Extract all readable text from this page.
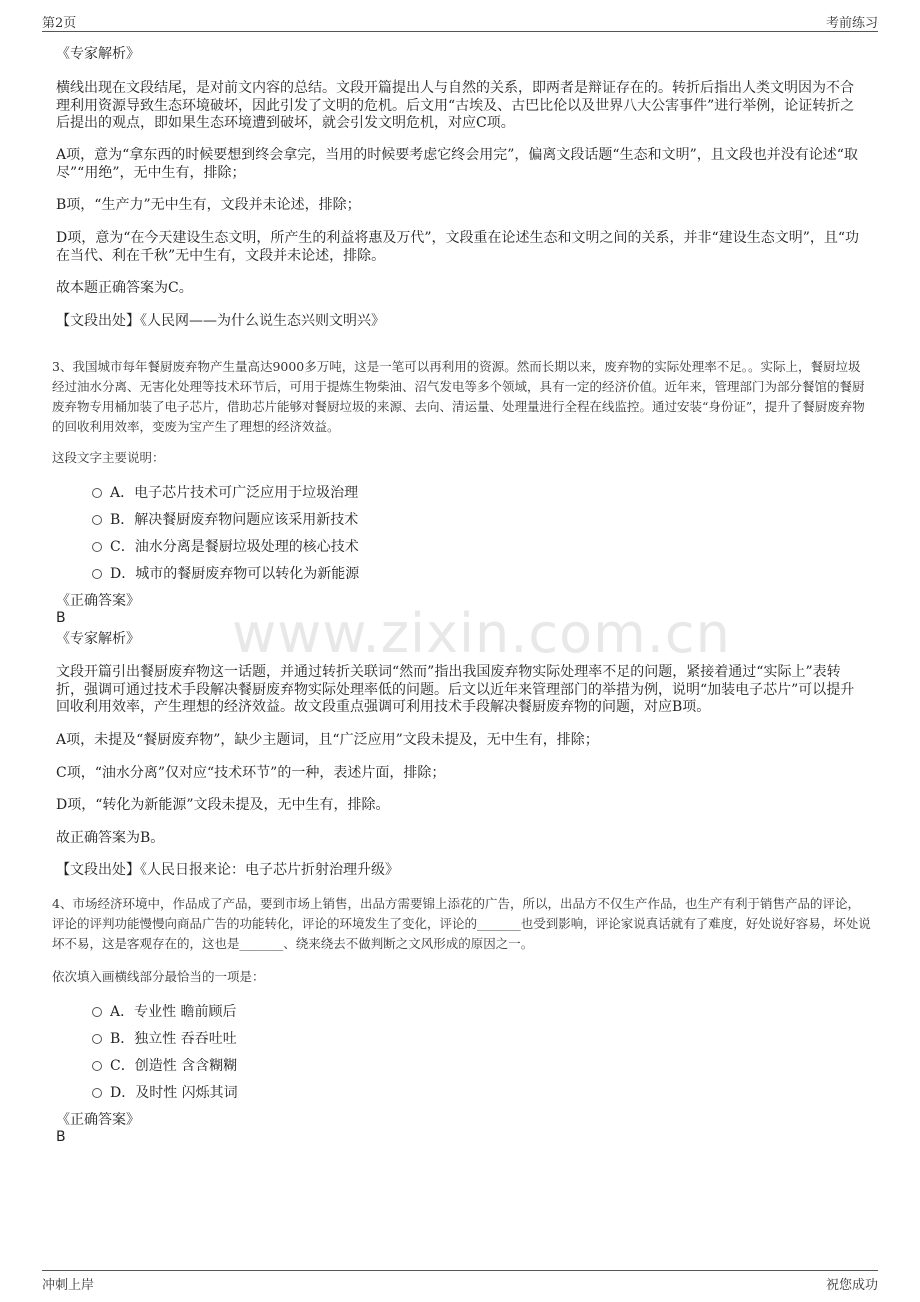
第2页	考前练习
www.zixin.com.cn
《专家解析》
横线出现在文段结尾，是对前文内容的总结。文段开篇提出人与自然的关系，即两者是辩证存在的。转折后指出人类文明因为不合理利用资源导致生态环境破坏，因此引发了文明的危机。后文用“古埃及、古巴比伦以及世界八大公害事件”进行举例，论证转折之后提出的观点，即如果生态环境遭到破坏，就会引发文明危机，对应C项。
A项，意为“拿东西的时候要想到终会拿完，当用的时候要考虑它终会用完”，偏离文段话题“生态和文明”，且文段也并没有论述“取尽”“用绝”，无中生有，排除；
B项，“生产力”无中生有，文段并未论述，排除；
D项，意为“在今天建设生态文明，所产生的利益将惠及万代”，文段重在论述生态和文明之间的关系，并非“建设生态文明”，且“功在当代、利在千秋”无中生有，文段并未论述，排除。
故本题正确答案为C。
【文段出处】《人民网——为什么说生态兴则文明兴》
3、我国城市每年餐厨废弃物产生量高达9000多万吨，这是一笔可以再利用的资源。然而长期以来，废弃物的实际处理率不足。。实际上，餐厨垃圾经过油水分离、无害化处理等技术环节后，可用于提炼生物柴油、沼气发电等多个领域，具有一定的经济价值。近年来，管理部门为部分餐馆的餐厨废弃物专用桶加装了电子芯片，借助芯片能够对餐厨垃圾的来源、去向、清运量、处理量进行全程在线监控。通过安装“身份证”，提升了餐厨废弃物的回收利用效率，变废为宝产生了理想的经济效益。
这段文字主要说明：
A．电子芯片技术可广泛应用于垃圾治理
B．解决餐厨废弃物问题应该采用新技术
C．油水分离是餐厨垃圾处理的核心技术
D．城市的餐厨废弃物可以转化为新能源
《正确答案》
B
《专家解析》
文段开篇引出餐厨废弃物这一话题，并通过转折关联词“然而”指出我国废弃物实际处理率不足的问题，紧接着通过“实际上”表转折，强调可通过技术手段解决餐厨废弃物实际处理率低的问题。后文以近年来管理部门的举措为例，说明“加装电子芯片”可以提升回收利用效率，产生理想的经济效益。故文段重点强调可利用技术手段解决餐厨废弃物的问题，对应B项。
A项，未提及“餐厨废弃物”，缺少主题词，且“广泛应用”文段未提及，无中生有，排除；
C项，“油水分离”仅对应“技术环节”的一种，表述片面，排除；
D项，“转化为新能源”文段未提及，无中生有，排除。
故正确答案为B。
【文段出处】《人民日报来论：电子芯片折射治理升级》
4、市场经济环境中，作品成了产品，要到市场上销售，出品方需要锦上添花的广告，所以，出品方不仅生产作品，也生产有利于销售产品的评论，评论的评判功能慢慢向商品广告的功能转化，评论的环境发生了变化，评论的_______也受到影响，评论家说真话就有了难度，好处说好容易，坏处说坏不易，这是客观存在的，这也是_______、绕来绕去不做判断之文风形成的原因之一。
依次填入画横线部分最恰当的一项是：
A．专业性 瞻前顾后
B．独立性 吞吞吐吐
C．创造性 含含糊糊
D．及时性 闪烁其词
《正确答案》
B
冲刺上岸	祝您成功
